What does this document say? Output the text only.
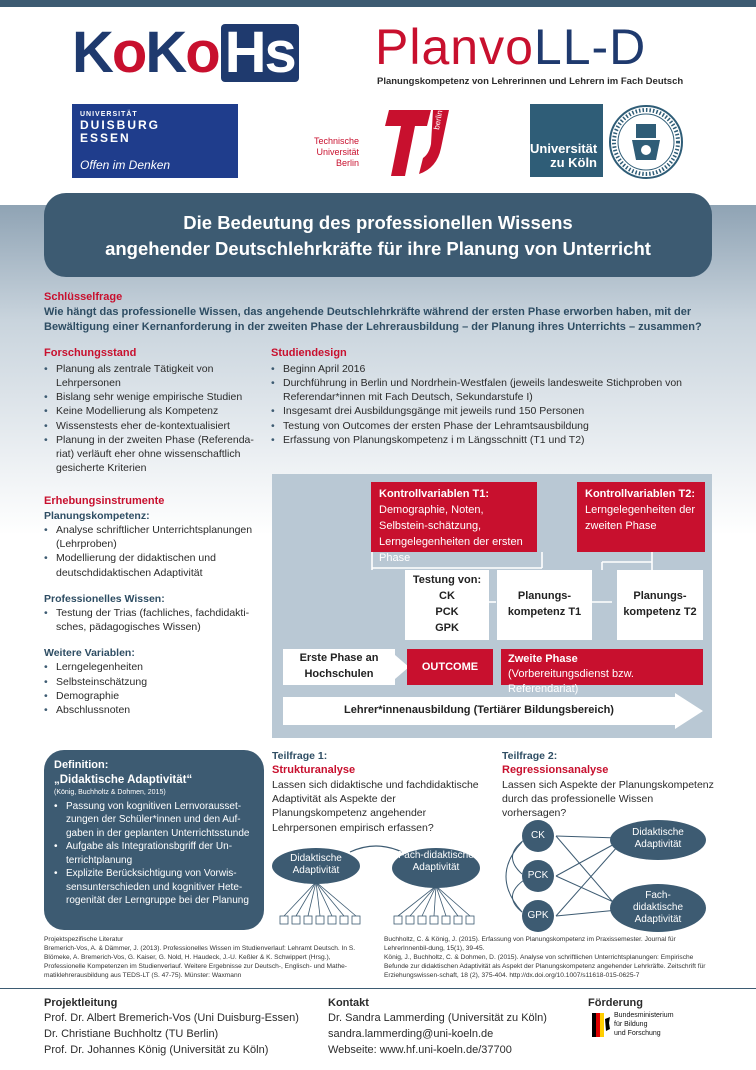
KoKo Hs PlanvoLL-D
Planungskompetenz von Lehrerinnen und Lehrern im Fach Deutsch
UNIVERSITÄT
DUISBURG
ESSEN
Offen im Denken
Technische
Universität
Berlin
berlin
Universität
zu Köln
Die Bedeutung des professionellen Wissens
angehender Deutschlehrkräfte für ihre Planung von Unterricht
Schlüsselfrage
Wie hängt das professionelle Wissen, das angehende Deutschlehrkräfte während der ersten Phase erworben haben, mit der Bewältigung einer Kernanforderung in der zweiten Phase der Lehrerausbildung – der Planung ihres Unterrichts – zusammen?
Forschungsstand
• Planung als zentrale Tätigkeit von Lehrpersonen
• Bislang sehr wenige empirische Studien
• Keine Modellierung als Kompetenz
• Wissenstests eher de-kontextualisiert
• Planung in der zweiten Phase (Referenda-riat) verläuft eher ohne wissenschaftlich gesicherte Kriterien
Studiendesign
• Beginn April 2016
• Durchführung in Berlin und Nordrhein-Westfalen (jeweils landesweite Stichproben von Referendar*innen mit Fach Deutsch, Sekundarstufe I)
• Insgesamt drei Ausbildungsgänge mit jeweils rund 150 Personen
• Testung von Outcomes der ersten Phase der Lehramtsausbildung
• Erfassung von Planungskompetenz i m Längsschnitt (T1 und T2)
Erhebungsinstrumente
Planungskompetenz:
• Analyse schriftlicher Unterrichtsplanungen (Lehrproben)
• Modellierung der didaktischen und deutschdidaktischen Adaptivität
Professionelles Wissen:
• Testung der Trias (fachliches, fachdidakti-sches, pädagogisches Wissen)
Weitere Variablen:
• Lerngelegenheiten
• Selbsteinschätzung
• Demographie
• Abschlussnoten
Kontrollvariablen T1:
Demographie, Noten, Selbstein-schätzung, Lerngelegenheiten der ersten Phase
Kontrollvariablen T2:
Lerngelegenheiten der zweiten Phase
Testung von:
CK
PCK
GPK
Planungs-kompetenz T1
Planungs-kompetenz T2
Erste Phase an Hochschulen
OUTCOME
Zweite Phase
(Vorbereitungsdienst bzw. Referendariat)
Lehrer*innenausbildung (Tertiärer Bildungsbereich)
Definition:
„Didaktische Adaptivität“
(König, Buchholtz & Dohmen, 2015)
• Passung von kognitiven Lernvorausset-zungen der Schüler*innen und den Auf-gaben in der geplanten Unterrichtsstunde
• Aufgabe als Integrationsbgriff der Un-terrichtplanung
• Explizite Berücksichtigung von Vorwis-sensunterschieden und kognitiver Hete-rogenität der Lerngruppe bei der Planung
Teilfrage 1:
Strukturanalyse
Lassen sich didaktische und fachdidaktische Adaptivität als Aspekte der Planungskompetenz angehender Lehrpersonen empirisch erfassen?
Didaktische Adaptivität
Fach-didaktische Adaptivität
Teilfrage 2:
Regressionsanalyse
Lassen sich Aspekte der Planungskompetenz durch das professionelle Wissen vorhersagen?
CK
PCK
GPK
Didaktische Adaptivität
Fach-didaktische Adaptivität
Projektspezifische Literatur
Bremerich-Vos, A. & Dämmer, J. (2013). Professionelles Wissen im Studienverlauf: Lehramt Deutsch. In S. Blömeke, A. Bremerich-Vos, G. Kaiser, G. Nold, H. Haudeck, J.-U. Keßler & K. Schwippert (Hrsg.), Professionelle Kompetenzen im Studienverlauf. Weitere Ergebnisse zur Deutsch-, Englisch- und Mathe-matiklehrerausbildung aus TEDS-LT (S. 47-75). Münster: Waxmann
Buchholtz, C. & König, J. (2015). Erfassung von Planungskompetenz im Praxissemester. Journal für LehrerInnenbil-dung, 15(1), 39-45.
König, J., Buchholtz, C. & Dohmen, D. (2015). Analyse von schriftlichen Unterrichtsplanungen: Empirische Befunde zur didaktischen Adaptivität als Aspekt der Planungskompetenz angehender Lehrkräfte. Zeitschrift für Erziehungswissen-schaft, 18 (2), 375-404. http://dx.doi.org/10.1007/s11618-015-0625-7
Projektleitung
Prof. Dr. Albert Bremerich-Vos (Uni Duisburg-Essen)
Dr. Christiane Buchholtz (TU Berlin)
Prof. Dr. Johannes König (Universität zu Köln)
Kontakt
Dr. Sandra Lammerding (Universität zu Köln)
sandra.lammerding@uni-koeln.de
Webseite: www.hf.uni-koeln.de/37700
Förderung
Bundesministerium
für Bildung
und Forschung
